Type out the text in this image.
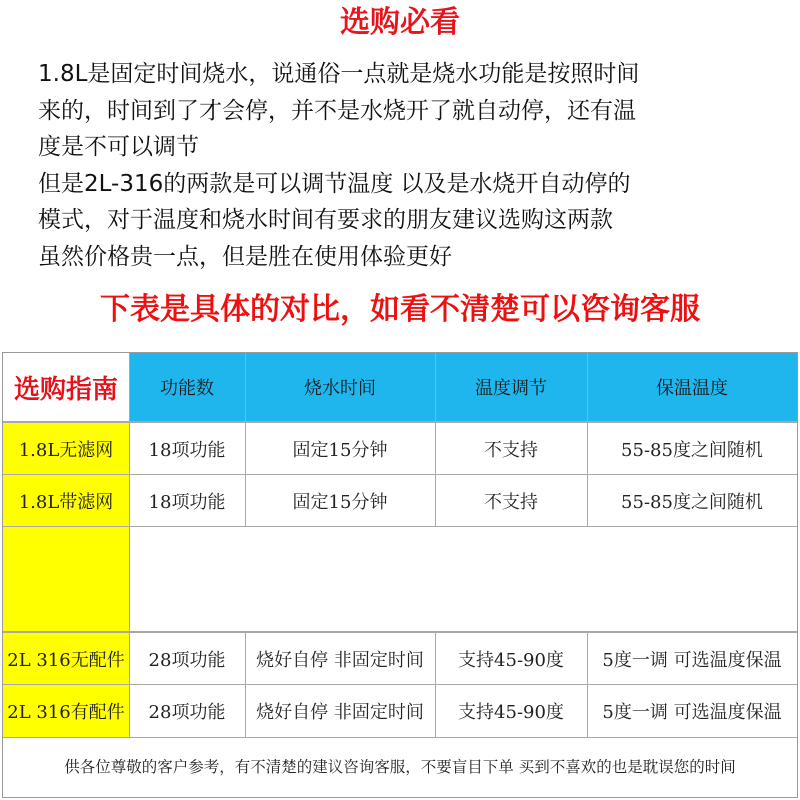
选购必看
1.8L是固定时间烧水，说通俗一点就是烧水功能是按照时间
来的，时间到了才会停，并不是水烧开了就自动停，还有温
度是不可以调节
但是2L-316的两款是可以调节温度 以及是水烧开自动停的
模式，对于温度和烧水时间有要求的朋友建议选购这两款
虽然价格贵一点，但是胜在使用体验更好
下表是具体的对比，如看不清楚可以咨询客服
选购指南	功能数	烧水时间	温度调节	保温温度
1.8L无滤网	18项功能	固定15分钟	不支持	55-85度之间随机
1.8L带滤网	18项功能	固定15分钟	不支持	55-85度之间随机
2L 316无配件	28项功能	烧好自停 非固定时间	支持45-90度	5度一调 可选温度保温
2L 316有配件	28项功能	烧好自停 非固定时间	支持45-90度	5度一调 可选温度保温
供各位尊敬的客户参考，有不清楚的建议咨询客服，不要盲目下单 买到不喜欢的也是耽误您的时间
